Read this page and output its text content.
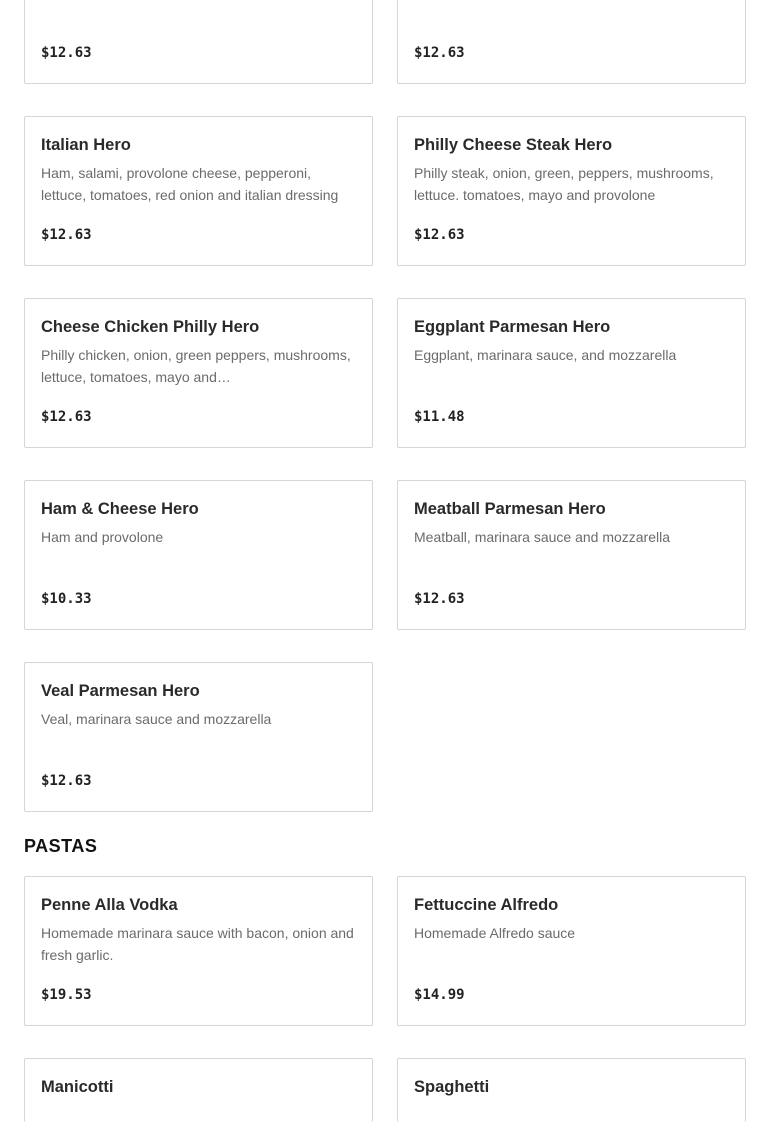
$12.63	$12.63
Italian Hero
Ham, salami, provolone cheese, pepperoni, lettuce, tomatoes, red onion and italian dressing
$12.63
Philly Cheese Steak Hero
Philly steak, onion, green, peppers, mushrooms, lettuce. tomatoes, mayo and provolone
$12.63
Cheese Chicken Philly Hero
Philly chicken, onion, green peppers, mushrooms, lettuce, tomatoes, mayo and…
$12.63
Eggplant Parmesan Hero
Eggplant, marinara sauce, and mozzarella
$11.48
Ham & Cheese Hero
Ham and provolone
$10.33
Meatball Parmesan Hero
Meatball, marinara sauce and mozzarella
$12.63
Veal Parmesan Hero
Veal, marinara sauce and mozzarella
$12.63
PASTAS
Penne Alla Vodka
Homemade marinara sauce with bacon, onion and fresh garlic.
$19.53
Fettuccine Alfredo
Homemade Alfredo sauce
$14.99
Manicotti	Spaghetti
